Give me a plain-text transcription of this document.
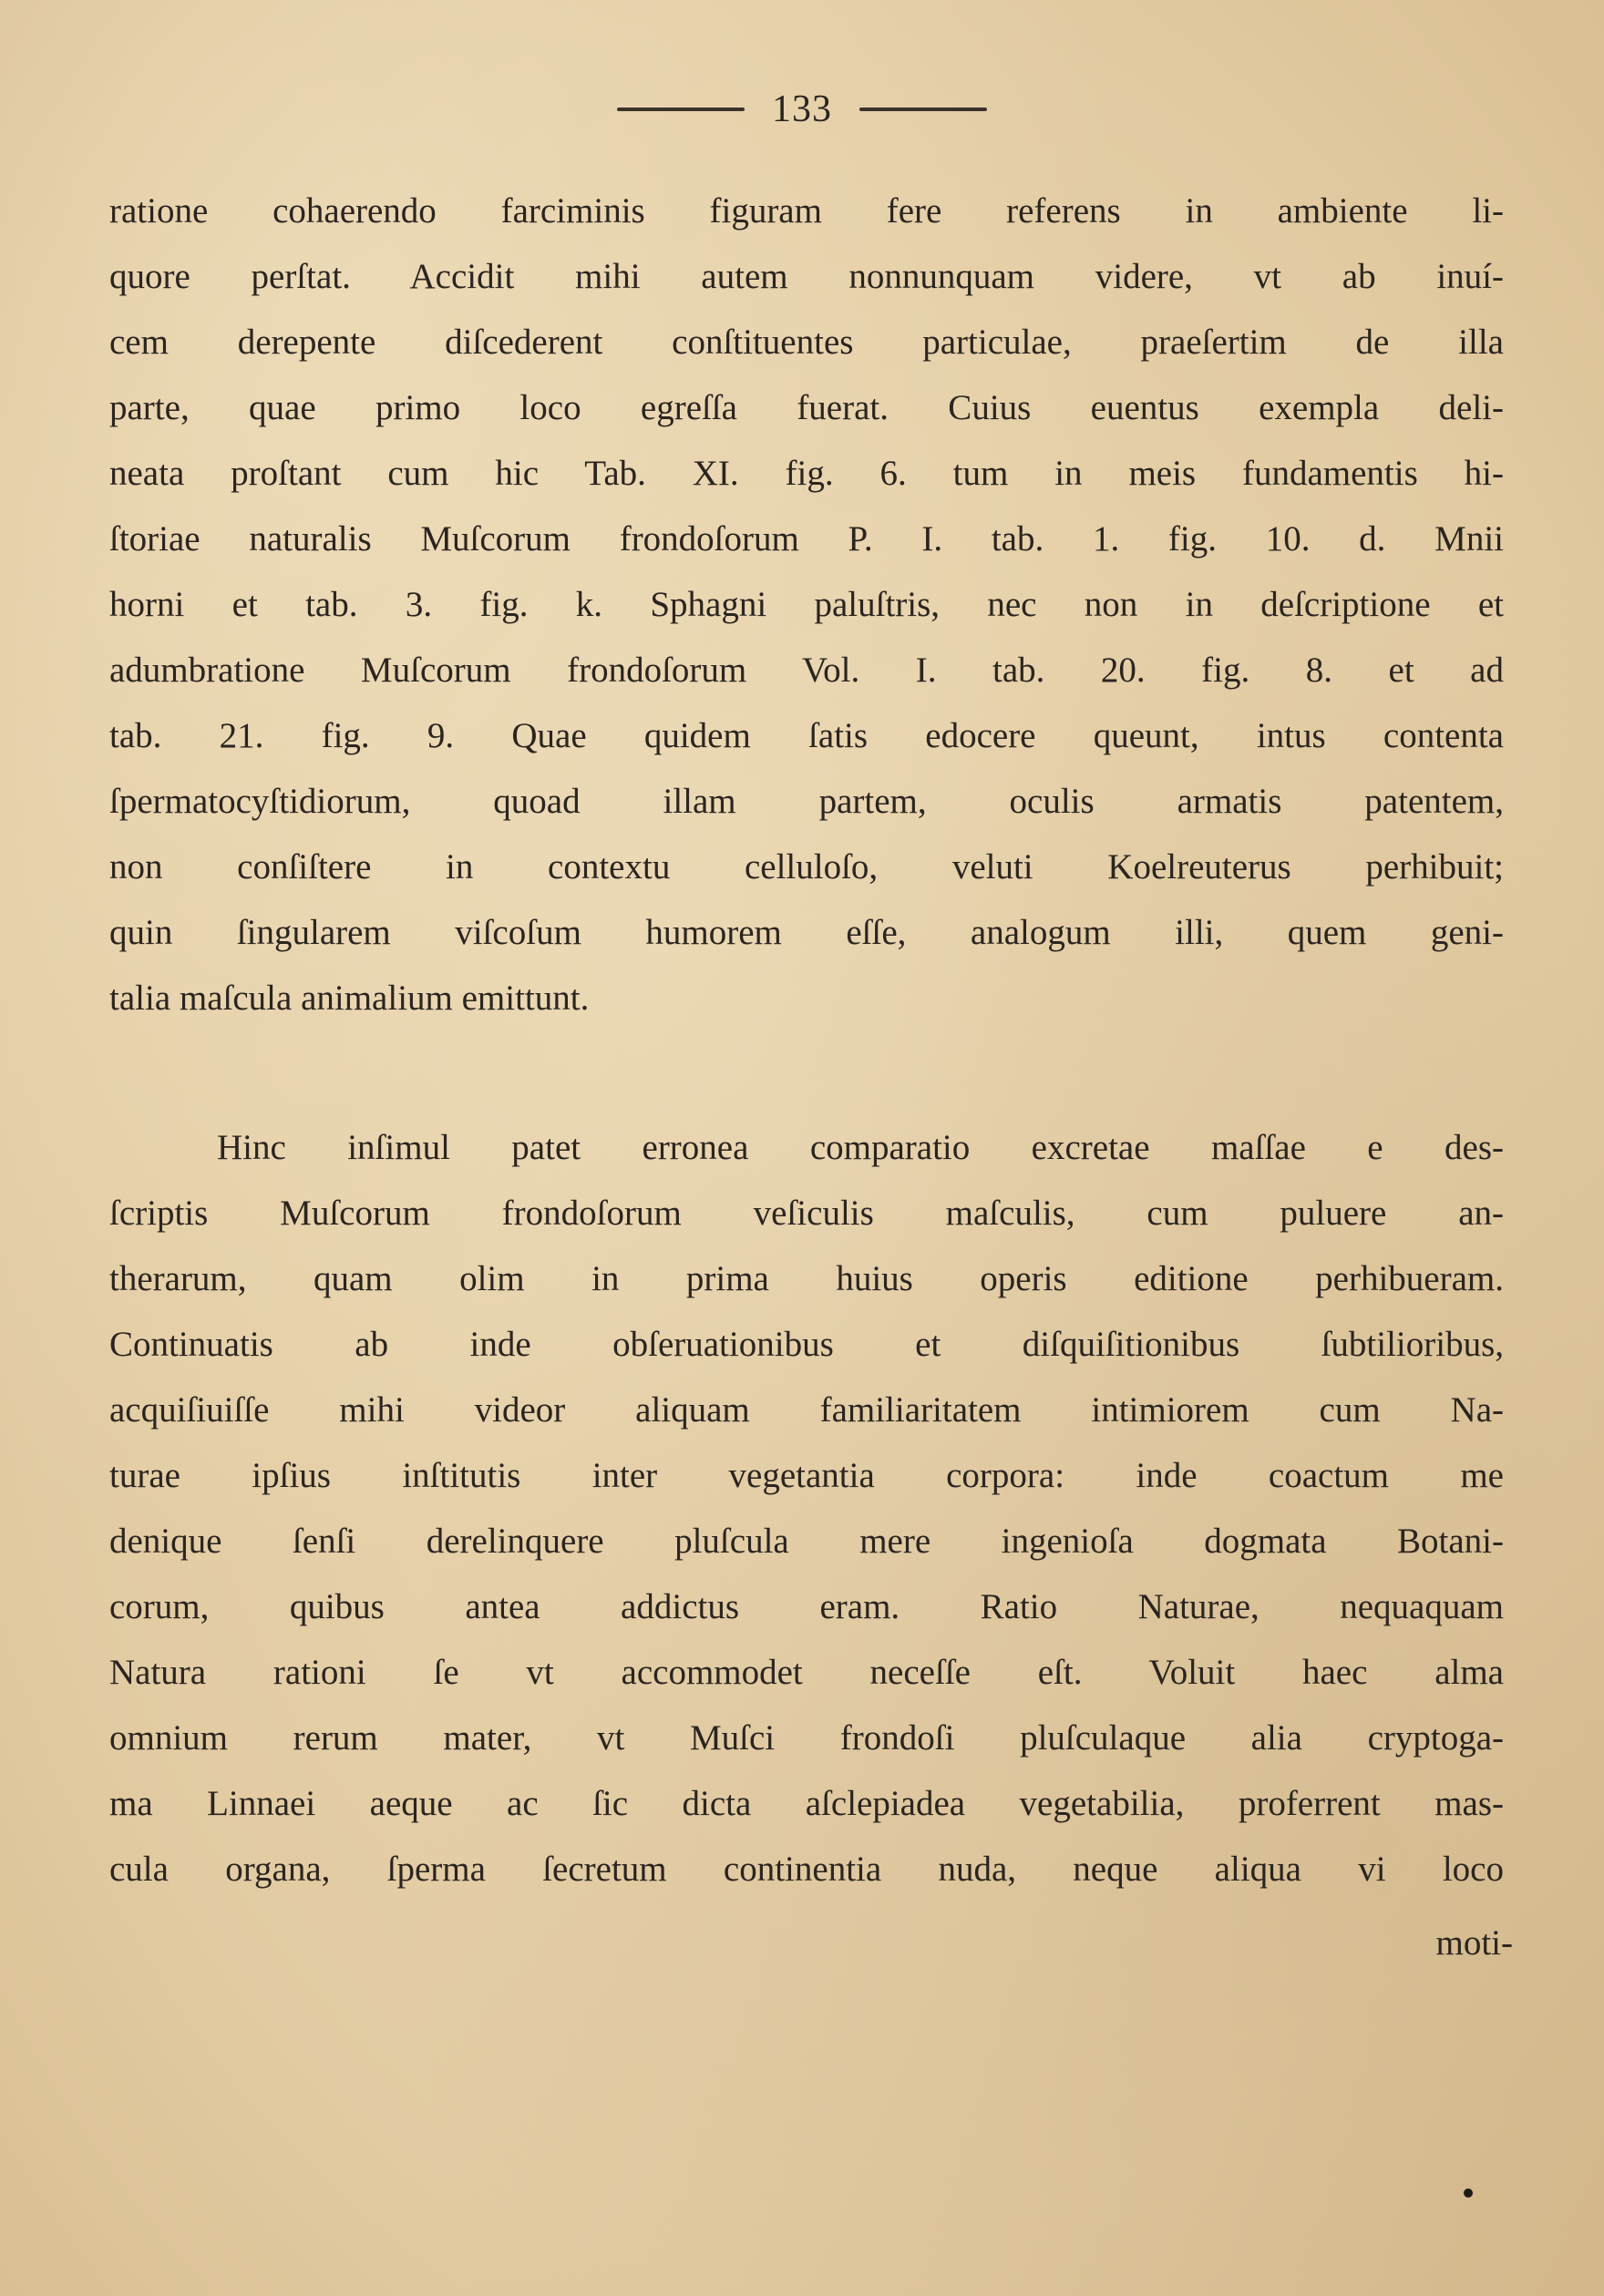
133
ratione cohaerendo farciminis figuram fere referens in ambiente li-
quore perſtat. Accidit mihi autem nonnunquam videre, vt ab inuí-
cem derepente diſcederent conſtituentes particulae, praeſertim de illa
parte, quae primo loco egreſſa fuerat. Cuius euentus exempla deli-
neata proſtant cum hic Tab. XI. fig. 6. tum in meis fundamentis hi-
ſtoriae naturalis Muſcorum frondoſorum P. I. tab. 1. fig. 10. d. Mnii
horni et tab. 3. fig. k. Sphagni paluſtris, nec non in deſcriptione et
adumbratione Muſcorum frondoſorum Vol. I. tab. 20. fig. 8. et ad
tab. 21. fig. 9. Quae quidem ſatis edocere queunt, intus contenta
ſpermatocyſtidiorum, quoad illam partem, oculis armatis patentem,
non conſiſtere in contextu celluloſo, veluti Koelreuterus perhibuit;
quin ſingularem viſcoſum humorem eſſe, analogum illi, quem geni-
talia maſcula animalium emittunt.
Hinc inſimul patet erronea comparatio excretae maſſae e des-
ſcriptis Muſcorum frondoſorum veſiculis maſculis, cum puluere an-
therarum, quam olim in prima huius operis editione perhibueram.
Continuatis ab inde obſeruationibus et diſquiſitionibus ſubtilioribus,
acquiſiuiſſe mihi videor aliquam familiaritatem intimiorem cum Na-
turae ipſius inſtitutis inter vegetantia corpora: inde coactum me
denique ſenſi derelinquere pluſcula mere ingenioſa dogmata Botani-
corum, quibus antea addictus eram. Ratio Naturae, nequaquam
Natura rationi ſe vt accommodet neceſſe eſt. Voluit haec alma
omnium rerum mater, vt Muſci frondoſi pluſculaque alia cryptoga-
ma Linnaei aeque ac ſic dicta aſclepiadea vegetabilia, proferrent mas-
cula organa, ſperma ſecretum continentia nuda, neque aliqua vi loco
moti-
